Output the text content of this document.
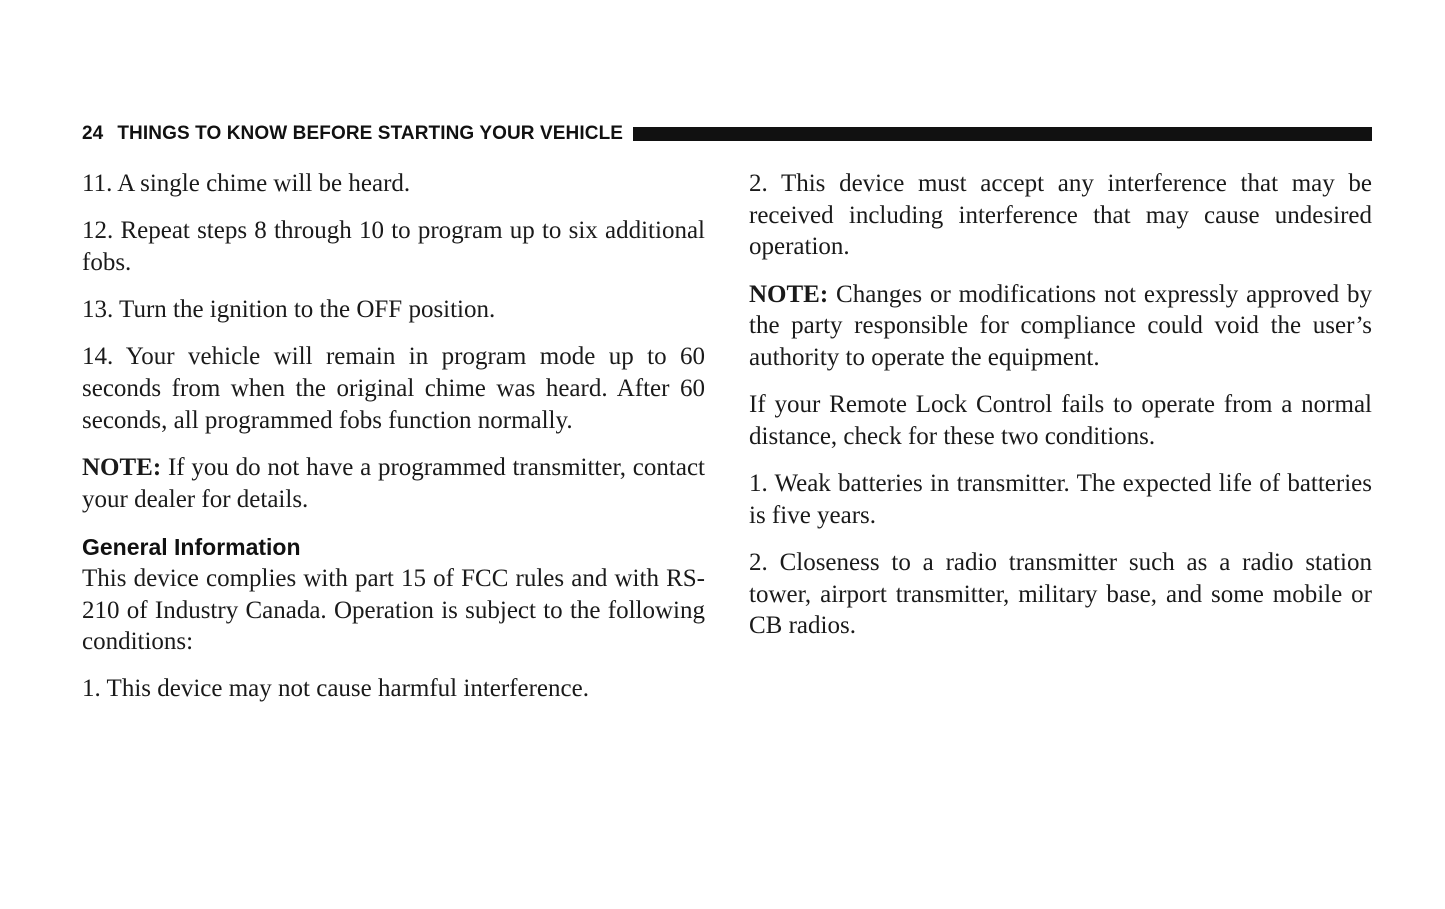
24 THINGS TO KNOW BEFORE STARTING YOUR VEHICLE

11. A single chime will be heard.

12. Repeat steps 8 through 10 to program up to six additional fobs.

13. Turn the ignition to the OFF position.

14. Your vehicle will remain in program mode up to 60 seconds from when the original chime was heard. After 60 seconds, all programmed fobs function normally.

NOTE: If you do not have a programmed transmitter, contact your dealer for details.

General Information

This device complies with part 15 of FCC rules and with RS-210 of Industry Canada. Operation is subject to the following conditions:

1. This device may not cause harmful interference.

2. This device must accept any interference that may be received including interference that may cause undesired operation.

NOTE: Changes or modifications not expressly approved by the party responsible for compliance could void the user’s authority to operate the equipment.

If your Remote Lock Control fails to operate from a normal distance, check for these two conditions.

1. Weak batteries in transmitter. The expected life of batteries is five years.

2. Closeness to a radio transmitter such as a radio station tower, airport transmitter, military base, and some mobile or CB radios.
